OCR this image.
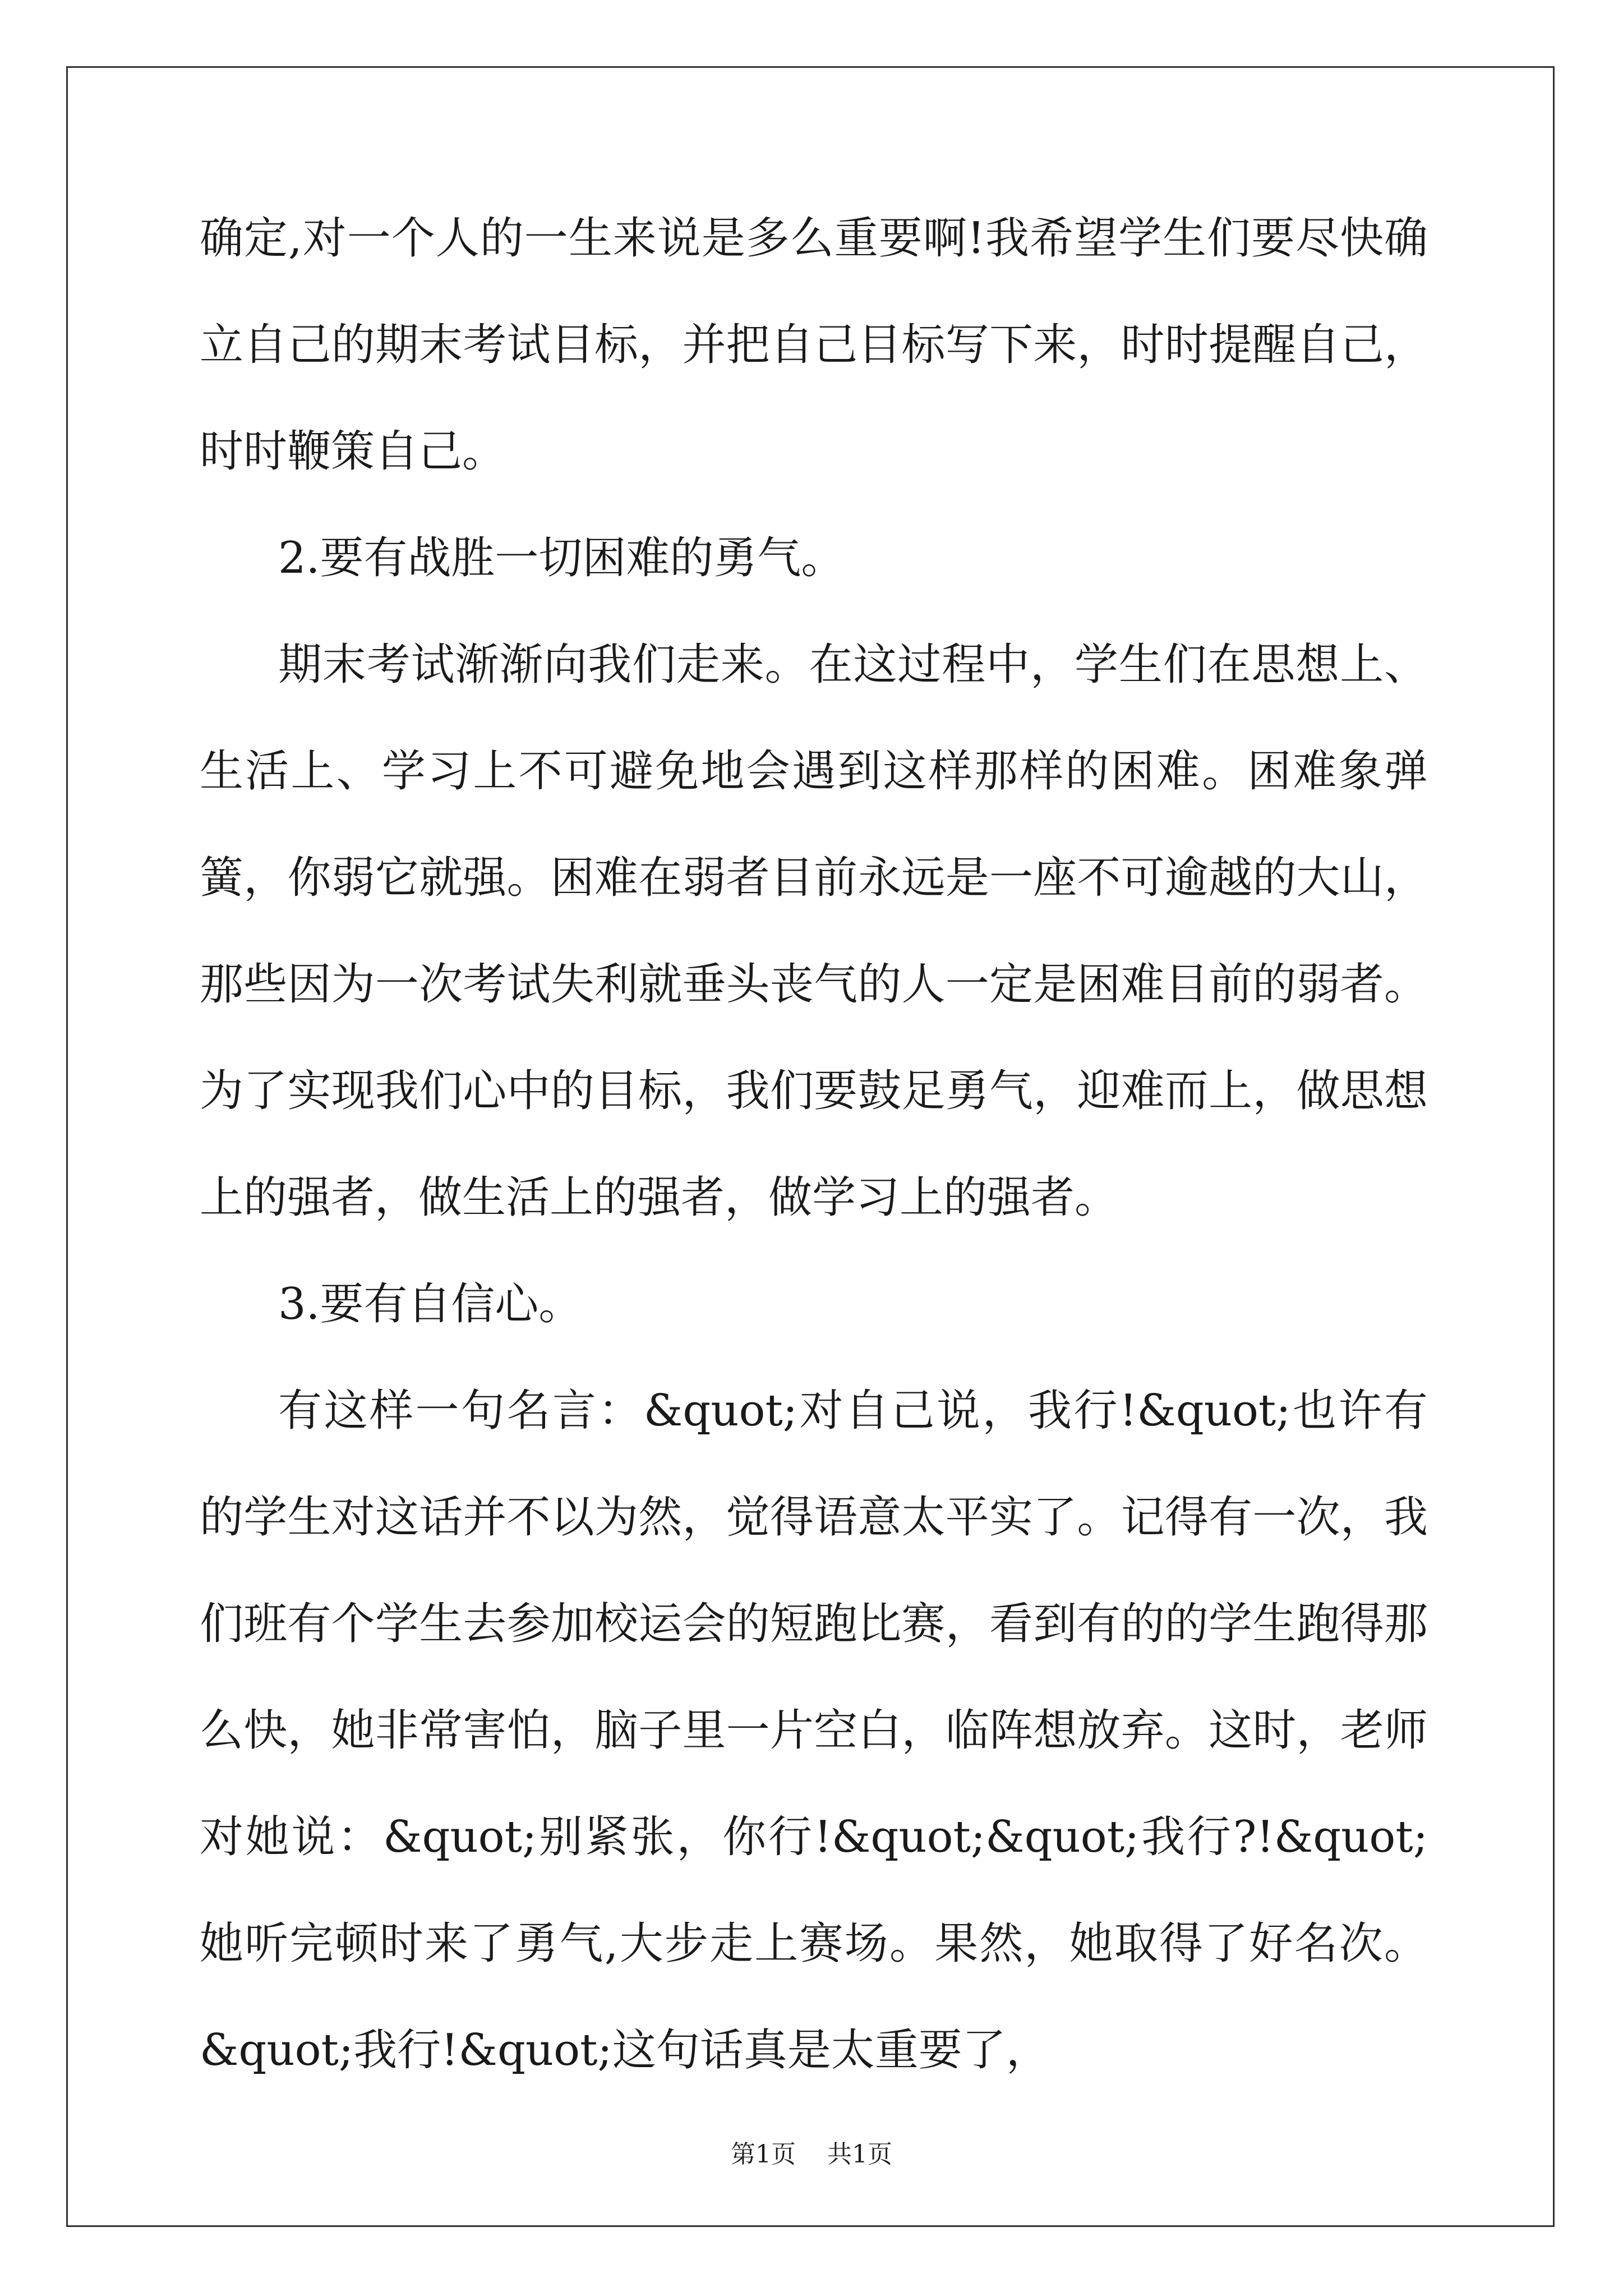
确定,对一个人的一生来说是多么重要啊!我希望学生们要尽快确立自己的期末考试目标，并把自己目标写下来，时时提醒自己，时时鞭策自己。

2.要有战胜一切困难的勇气。

期末考试渐渐向我们走来。在这过程中，学生们在思想上、生活上、学习上不可避免地会遇到这样那样的困难。困难象弹簧，你弱它就强。困难在弱者目前永远是一座不可逾越的大山，那些因为一次考试失利就垂头丧气的人一定是困难目前的弱者。为了实现我们心中的目标，我们要鼓足勇气，迎难而上，做思想上的强者，做生活上的强者，做学习上的强者。

3.要有自信心。

有这样一句名言：&quot;对自己说，我行!&quot;也许有的学生对这话并不以为然，觉得语意太平实了。记得有一次，我们班有个学生去参加校运会的短跑比赛，看到有的的学生跑得那么快，她非常害怕，脑子里一片空白，临阵想放弃。这时，老师对她说：&quot;别紧张，你行!&quot;&quot;我行?!&quot;她听完顿时来了勇气,大步走上赛场。果然，她取得了好名次。 &quot;我行!&quot;这句话真是太重要了，

第1页 共1页
